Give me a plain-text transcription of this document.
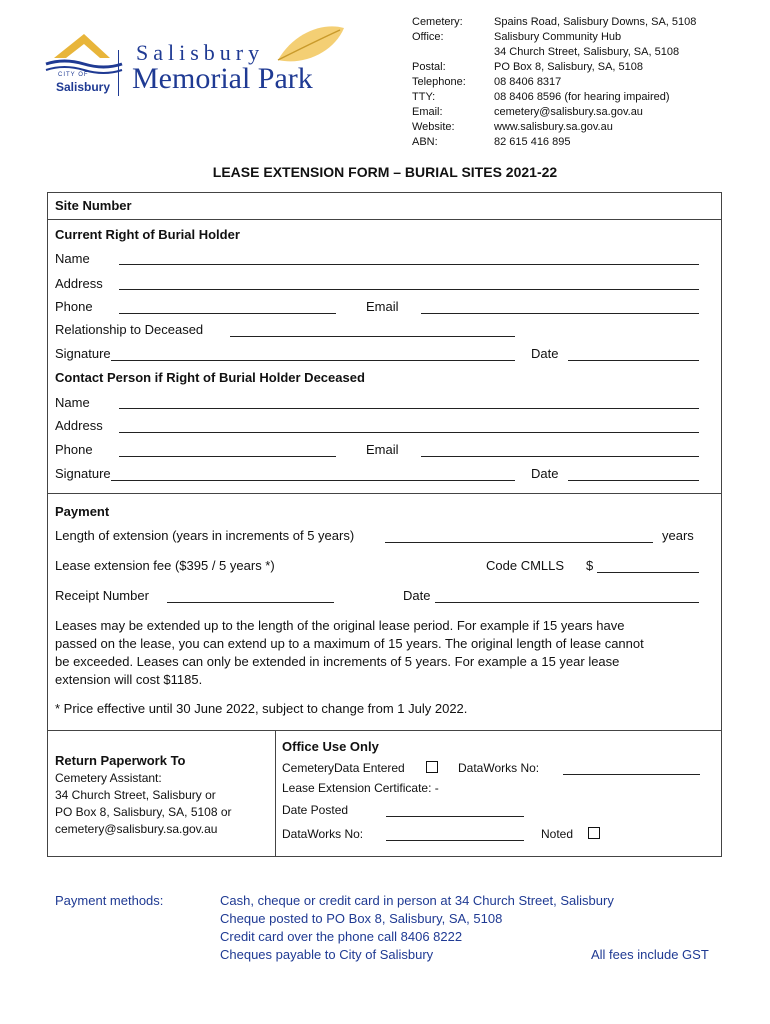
CITY OF
Salisbury
Salisbury
Memorial Park
Cemetery:	Spains Road, Salisbury Downs, SA, 5108
Office:	Salisbury Community Hub
34 Church Street, Salisbury, SA, 5108
Postal:	PO Box 8, Salisbury, SA, 5108
Telephone:	08 8406 8317
TTY:	08 8406 8596 (for hearing impaired)
Email:	cemetery@salisbury.sa.gov.au
Website:	www.salisbury.sa.gov.au
ABN:	82 615 416 895
LEASE EXTENSION FORM – BURIAL SITES 2021-22
Site Number
Current Right of Burial Holder
Name
Address
Phone	Email
Relationship to Deceased
Signature	Date
Contact Person if Right of Burial Holder Deceased
Name
Address
Phone	Email
Signature	Date
Payment
Length of extension (years in increments of 5 years)	years
Lease extension fee ($395 / 5 years *)	Code CMLLS $
Receipt Number	Date
Leases may be extended up to the length of the original lease period. For example if 15 years have
passed on the lease, you can extend up to a maximum of 15 years. The original length of lease cannot
be exceeded. Leases can only be extended in increments of 5 years. For example a 15 year lease
extension will cost $1185.
* Price effective until 30 June 2022, subject to change from 1 July 2022.
Return Paperwork To
Cemetery Assistant:
34 Church Street, Salisbury or
PO Box 8, Salisbury, SA, 5108 or
cemetery@salisbury.sa.gov.au
Office Use Only
CemeteryData Entered	DataWorks No:
Lease Extension Certificate: -
Date Posted
DataWorks No:	Noted
Payment methods:	Cash, cheque or credit card in person at 34 Church Street, Salisbury
Cheque posted to PO Box 8, Salisbury, SA, 5108
Credit card over the phone call 8406 8222
Cheques payable to City of Salisbury	All fees include GST
